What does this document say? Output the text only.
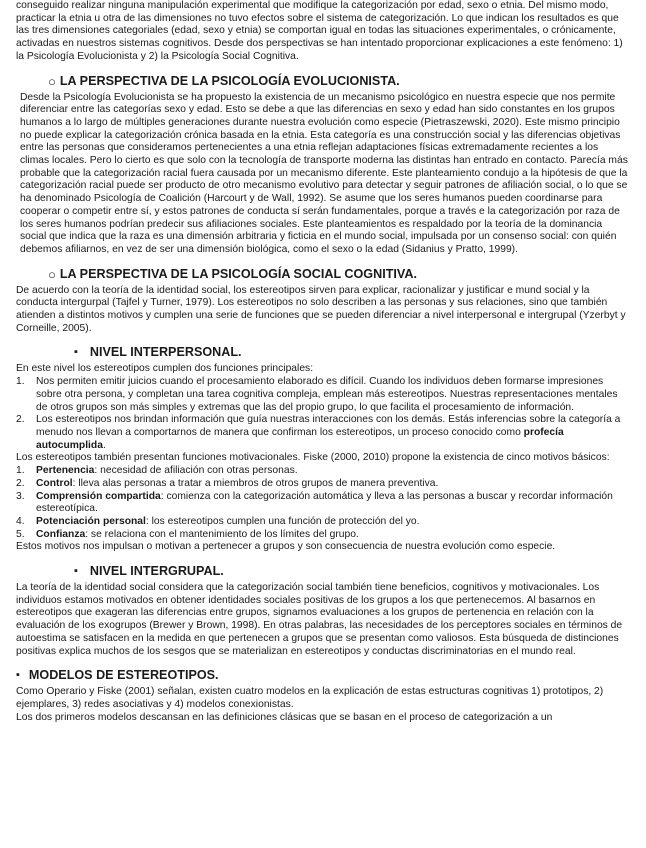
conseguido realizar ninguna manipulación experimental que modifique la categorización por edad, sexo o etnia. Del mismo modo, practicar la etnia u otra de las dimensiones no tuvo efectos sobre el sistema de categorización. Lo que indican los resultados es que las tres dimensiones categoriales (edad, sexo y etnia) se comportan igual en todas las situaciones experimentales, o crónicamente, activadas en nuestros sistemas cognitivos. Desde dos perspectivas se han intentado proporcionar explicaciones a este fenómeno: 1) la Psicología Evolucionista y 2) la Psicología Social Cognitiva.

○ LA PERSPECTIVA DE LA PSICOLOGÍA EVOLUCIONISTA.

Desde la Psicología Evolucionista se ha propuesto la existencia de un mecanismo psicológico en nuestra especie que nos permite diferenciar entre las categorías sexo y edad. Esto se debe a que las diferencias en sexo y edad han sido constantes en los grupos humanos a lo largo de múltiples generaciones durante nuestra evolución como especie (Pietraszewski, 2020). Este mismo principio no puede explicar la categorización crónica basada en la etnia. Esta categoría es una construcción social y las diferencias objetivas entre las personas que consideramos pertenecientes a una etnia reflejan adaptaciones físicas extremadamente recientes a los climas locales. Pero lo cierto es que solo con la tecnología de transporte moderna las distintas han entrado en contacto. Parecía más probable que la categorización racial fuera causada por un mecanismo diferente. Este planteamiento condujo a la hipótesis de que la categorización racial puede ser producto de otro mecanismo evolutivo para detectar y seguir patrones de afiliación social, o lo que se ha denominado Psicología de Coalición (Harcourt y de Wall, 1992). Se asume que los seres humanos pueden coordinarse para cooperar o competir entre sí, y estos patrones de conducta sí serán fundamentales, porque a través e la categorización por raza de los seres humanos podrían predecir sus afiliaciones sociales. Este planteamientos es respaldado por la teoría de la dominancia social que indica que la raza es una dimensión arbitraria y ficticia en el mundo social, impulsada por un consenso social: con quién debemos afiliarnos, en vez de ser una dimensión biológica, como el sexo o la edad (Sidanius y Pratto, 1999).

○ LA PERSPECTIVA DE LA PSICOLOGÍA SOCIAL COGNITIVA.

De acuerdo con la teoría de la identidad social, los estereotipos sirven para explicar, racionalizar y justificar e mund social y la conducta intergurpal (Tajfel y Turner, 1979). Los estereotipos no solo describen a las personas y sus relaciones, sino que también atienden a distintos motivos y cumplen una serie de funciones que se pueden diferenciar a nivel interpersonal e intergrupal (Yzerbyt y Corneille, 2005).

▪ NIVEL INTERPERSONAL.

En este nivel los estereotipos cumplen dos funciones principales:

1. Nos permiten emitir juicios cuando el procesamiento elaborado es difícil. Cuando los individuos deben formarse impresiones sobre otra persona, y completan una tarea cognitiva compleja, emplean más estereotipos. Nuestras representaciones mentales de otros grupos son más simples y extremas que las del propio grupo, lo que facilita el procesamiento de información.
2. Los estereotipos nos brindan información que guía nuestras interacciones con los demás. Estás inferencias sobre la categoría a menudo nos llevan a comportarnos de manera que confirman los estereotipos, un proceso conocido como profecía autocumplida.

Los estereotipos también presentan funciones motivacionales. Fiske (2000, 2010) propone la existencia de cinco motivos básicos:

1. Pertenencia: necesidad de afiliación con otras personas.
2. Control: lleva alas personas a tratar a miembros de otros grupos de manera preventiva.
3. Comprensión compartida: comienza con la categorización automática y lleva a las personas a buscar y recordar información estereotípica.
4. Potenciación personal: los estereotipos cumplen una función de protección del yo.
5. Confianza: se relaciona con el mantenimiento de los límites del grupo.

Estos motivos nos impulsan o motivan a pertenecer a grupos y son consecuencia de nuestra evolución como especie.

▪ NIVEL INTERGRUPAL.

La teoría de la identidad social considera que la categorización social también tiene beneficios, cognitivos y motivacionales. Los individuos estamos motivados en obtener identidades sociales positivas de los grupos a los que pertenecemos. Al basarnos en estereotipos que exageran las diferencias entre grupos, signamos evaluaciones a los grupos de pertenencia en relación con la evaluación de los exogrupos (Brewer y Brown, 1998). En otras palabras, las necesidades de los perceptores sociales en términos de autoestima se satisfacen en la medida en que pertenecen a grupos que se presentan como valiosos. Esta búsqueda de distinciones positivas explica muchos de los sesgos que se materializan en estereotipos y conductas discriminatorias en el mundo real.

▪ MODELOS DE ESTEREOTIPOS.

Como Operario y Fiske (2001) señalan, existen cuatro modelos en la explicación de estas estructuras cognitivas 1) prototipos, 2) ejemplares, 3) redes asociativas y 4) modelos conexionistas.

Los dos primeros modelos descansan en las definiciones clásicas que se basan en el proceso de categorización a un
